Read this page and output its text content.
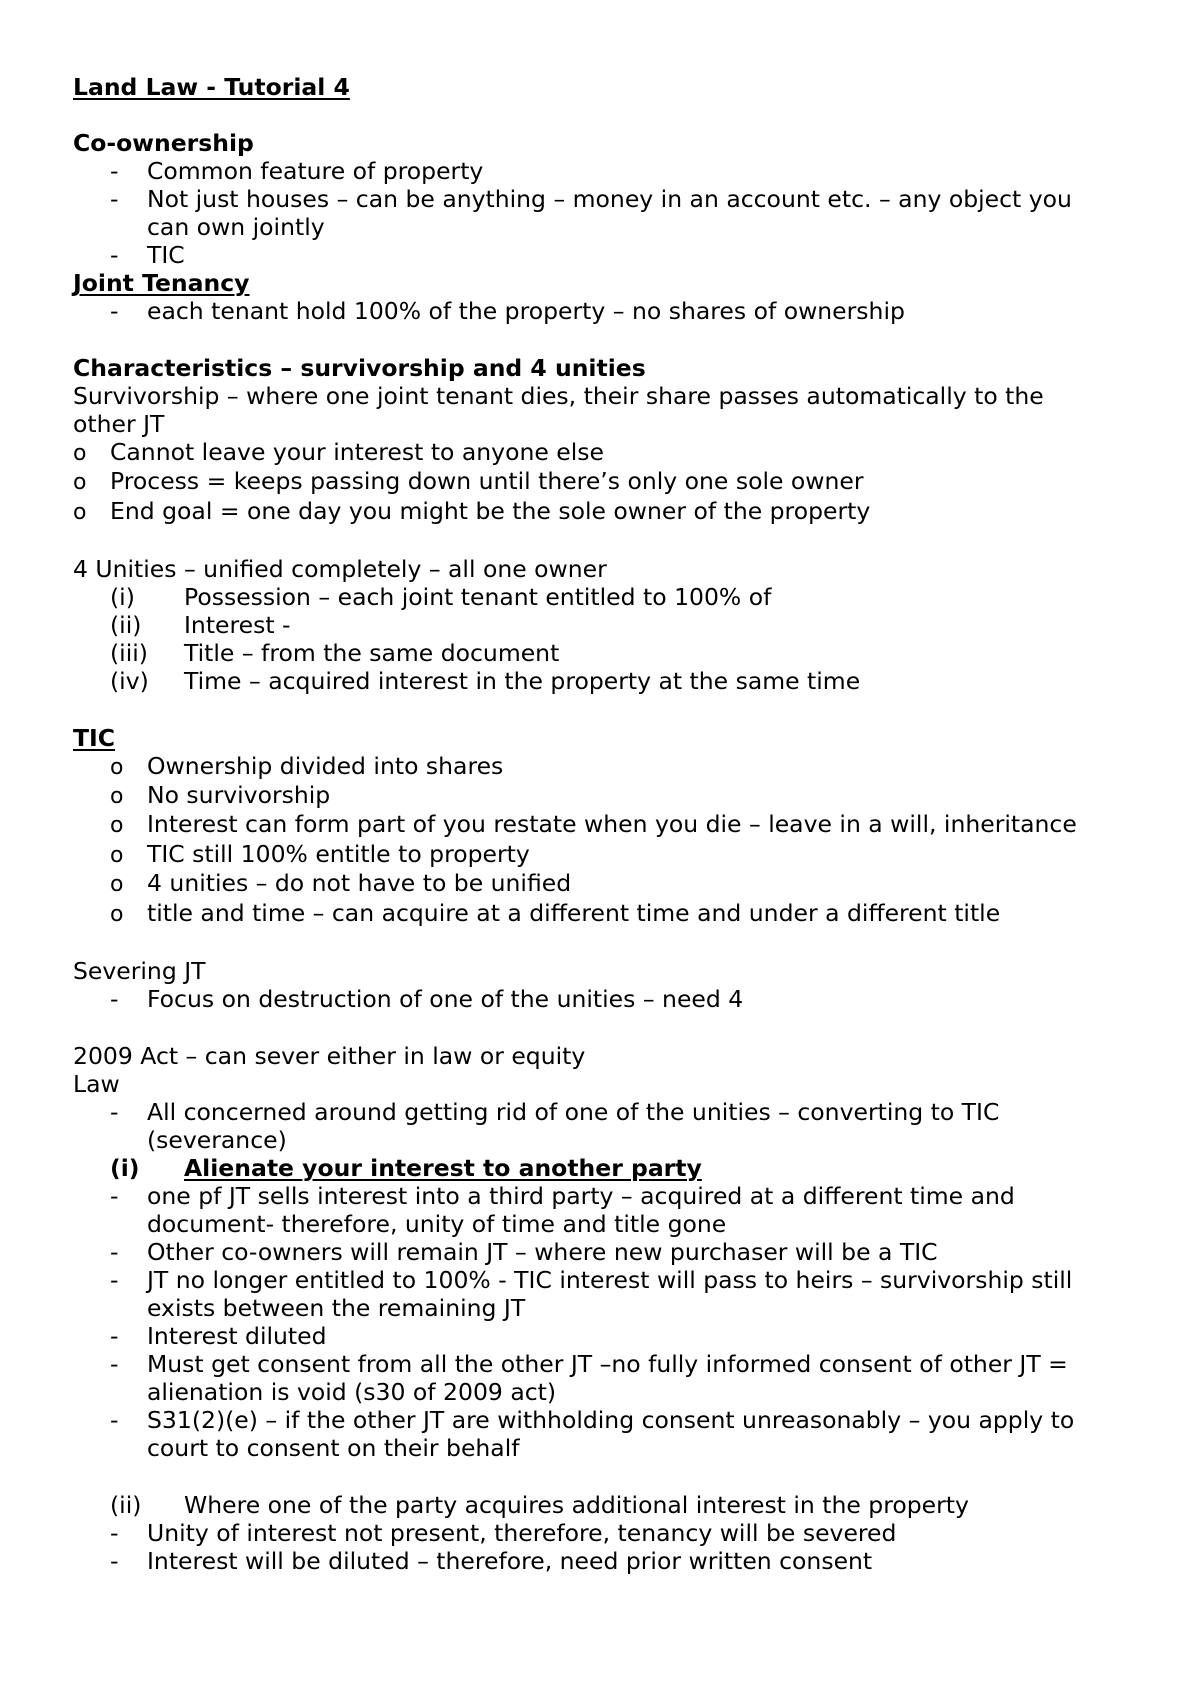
Land Law - Tutorial 4
Co-ownership
- Common feature of property
- Not just houses – can be anything – money in an account etc. – any object you
can own jointly
- TIC
Joint Tenancy
- each tenant hold 100% of the property – no shares of ownership
Characteristics – survivorship and 4 unities
Survivorship – where one joint tenant dies, their share passes automatically to the
other JT
o Cannot leave your interest to anyone else
o Process = keeps passing down until there’s only one sole owner
o End goal = one day you might be the sole owner of the property
4 Unities – unified completely – all one owner
(i) Possession – each joint tenant entitled to 100% of
(ii) Interest -
(iii) Title – from the same document
(iv) Time – acquired interest in the property at the same time
TIC
o Ownership divided into shares
o No survivorship
o Interest can form part of you restate when you die – leave in a will, inheritance
o TIC still 100% entitle to property
o 4 unities – do not have to be unified
o title and time – can acquire at a different time and under a different title
Severing JT
- Focus on destruction of one of the unities – need 4
2009 Act – can sever either in law or equity
Law
- All concerned around getting rid of one of the unities – converting to TIC
(severance)
(i) Alienate your interest to another party
- one pf JT sells interest into a third party – acquired at a different time and
document- therefore, unity of time and title gone
- Other co-owners will remain JT – where new purchaser will be a TIC
- JT no longer entitled to 100% - TIC interest will pass to heirs – survivorship still
exists between the remaining JT
- Interest diluted
- Must get consent from all the other JT –no fully informed consent of other JT =
alienation is void (s30 of 2009 act)
- S31(2)(e) – if the other JT are withholding consent unreasonably – you apply to
court to consent on their behalf
(ii) Where one of the party acquires additional interest in the property
- Unity of interest not present, therefore, tenancy will be severed
- Interest will be diluted – therefore, need prior written consent
